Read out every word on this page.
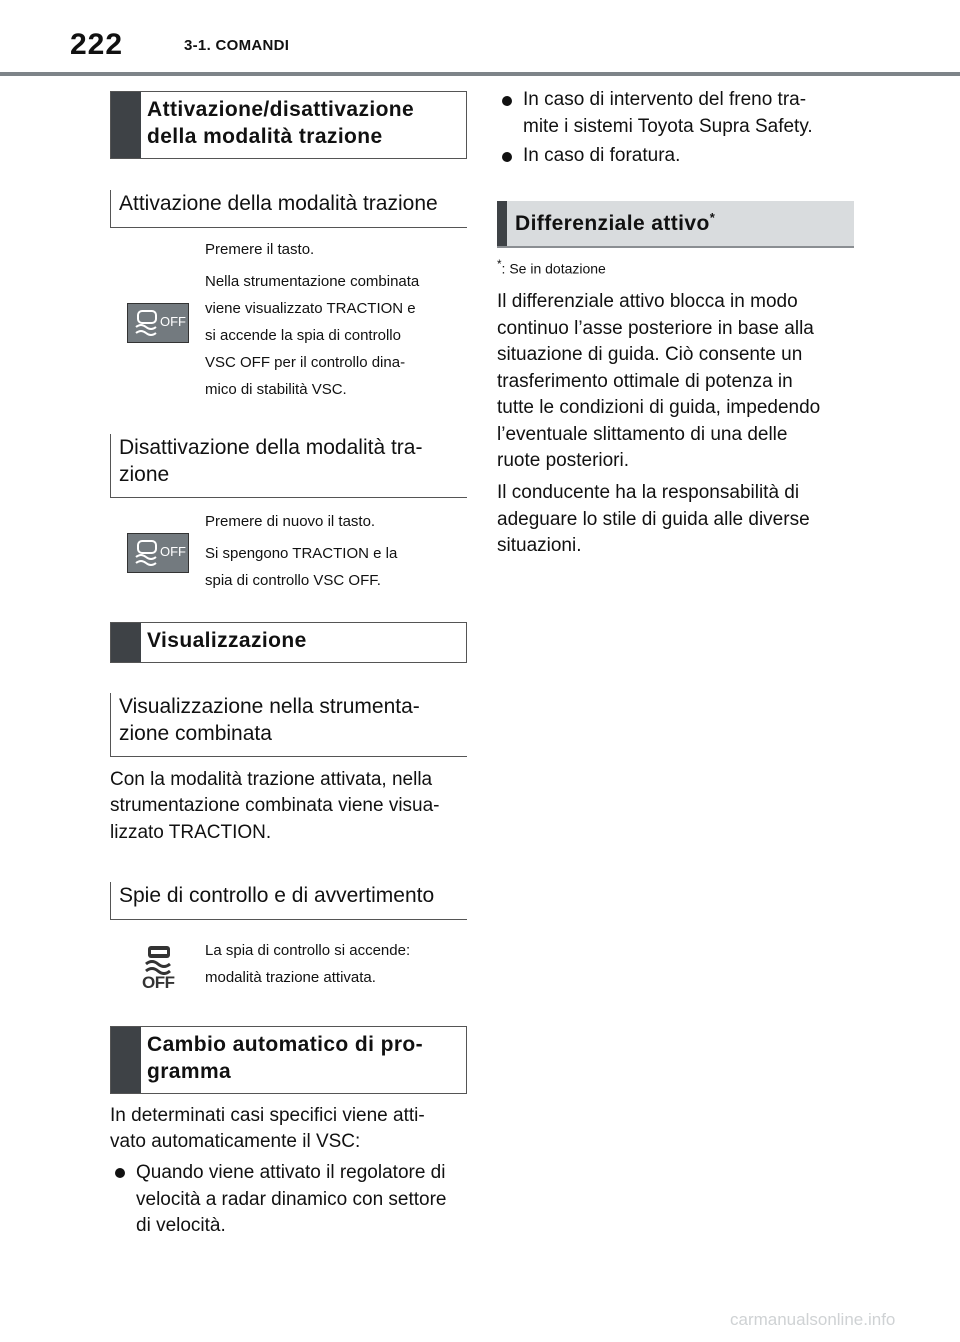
222	3-1. COMANDI
Attivazione/disattivazione della modalità trazione
Attivazione della modalità trazione
OFF
Premere il tasto.
Nella strumentazione combinata
viene visualizzato TRACTION e
si accende la spia di controllo
VSC OFF per il controllo dina-
mico di stabilità VSC.
Disattivazione della modalità tra-
zione
OFF
Premere di nuovo il tasto.
Si spengono TRACTION e la
spia di controllo VSC OFF.
Visualizzazione
Visualizzazione nella strumenta-
zione combinata
Con la modalità trazione attivata, nella
strumentazione combinata viene visua-
lizzato TRACTION.
Spie di controllo e di avvertimento
OFF
La spia di controllo si accende:
modalità trazione attivata.
Cambio automatico di pro-
gramma
In determinati casi specifici viene atti-
vato automaticamente il VSC:
Quando viene attivato il regolatore di
velocità a radar dinamico con settore
di velocità.
In caso di intervento del freno tra-
mite i sistemi Toyota Supra Safety.
In caso di foratura.
Differenziale attivo*
*: Se in dotazione
Il differenziale attivo blocca in modo
continuo l’asse posteriore in base alla
situazione di guida. Ciò consente un
trasferimento ottimale di potenza in
tutte le condizioni di guida, impedendo
l’eventuale slittamento di una delle
ruote posteriori.
Il conducente ha la responsabilità di
adeguare lo stile di guida alle diverse
situazioni.
carmanualsonline.info
